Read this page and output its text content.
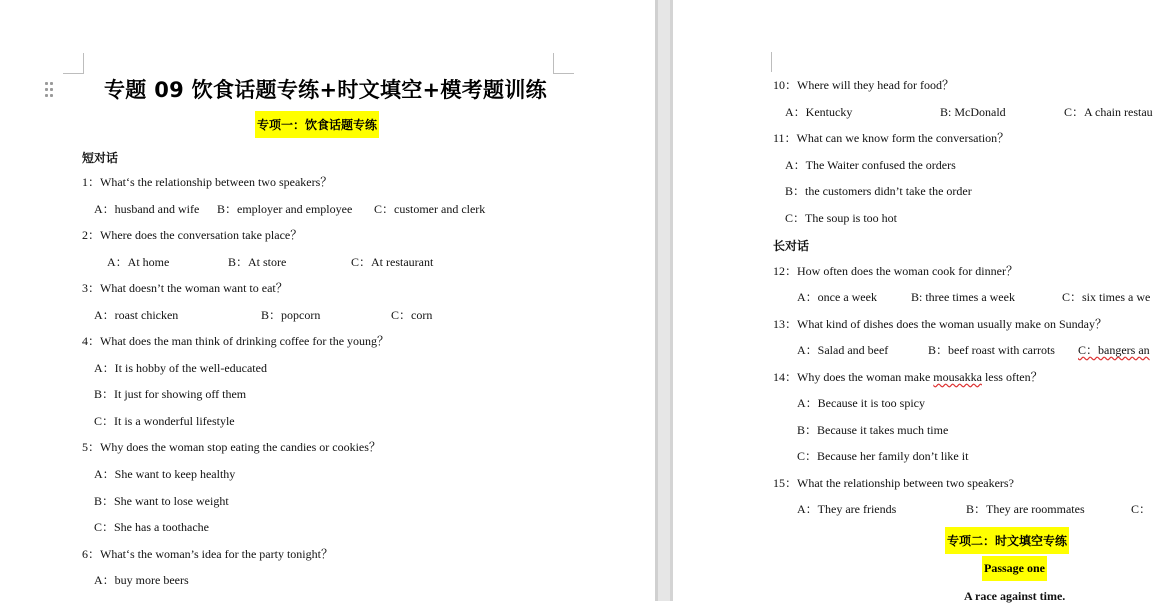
专题 09 饮食话题专练+时文填空+模考题训练
专项一：饮食话题专练
短对话
1：What‘s the relationship between two speakers？
A：husband and wife B：employer and employee C：customer and clerk
2：Where does the conversation take place？
A：At home	B：At store	C：At restaurant
3：What doesn’t the woman want to eat？
A：roast chicken	B：popcorn	C：corn
4：What does the man think of drinking coffee for the young？
A：It is hobby of the well-educated
B：It just for showing off them
C：It is a wonderful lifestyle
5：Why does the woman stop eating the candies or cookies？
A：She want to keep healthy
B：She want to lose weight
C：She has a toothache
6：What‘s the woman’s idea for the party tonight？
A：buy more beers
10：Where will they head for food？
A：Kentucky	B: McDonald	C：A chain restau
11：What can we know form the conversation？
A：The Waiter confused the orders
B：the customers didn’t take the order
C：The soup is too hot
长对话
12：How often does the woman cook for dinner？
A：once a week	B: three times a week	C：six times a we
13：What kind of dishes does the woman usually make on Sunday？
A：Salad and beef	B：beef roast with carrots C：bangers an
14：Why does the woman make mousakka less often？
A：Because it is too spicy
B：Because it takes much time
C：Because her family don’t like it
15：What the relationship between two speakers?
A：They are friends	B：They are roommates	C：
专项二：时文填空专练
Passage one
A race against time.
